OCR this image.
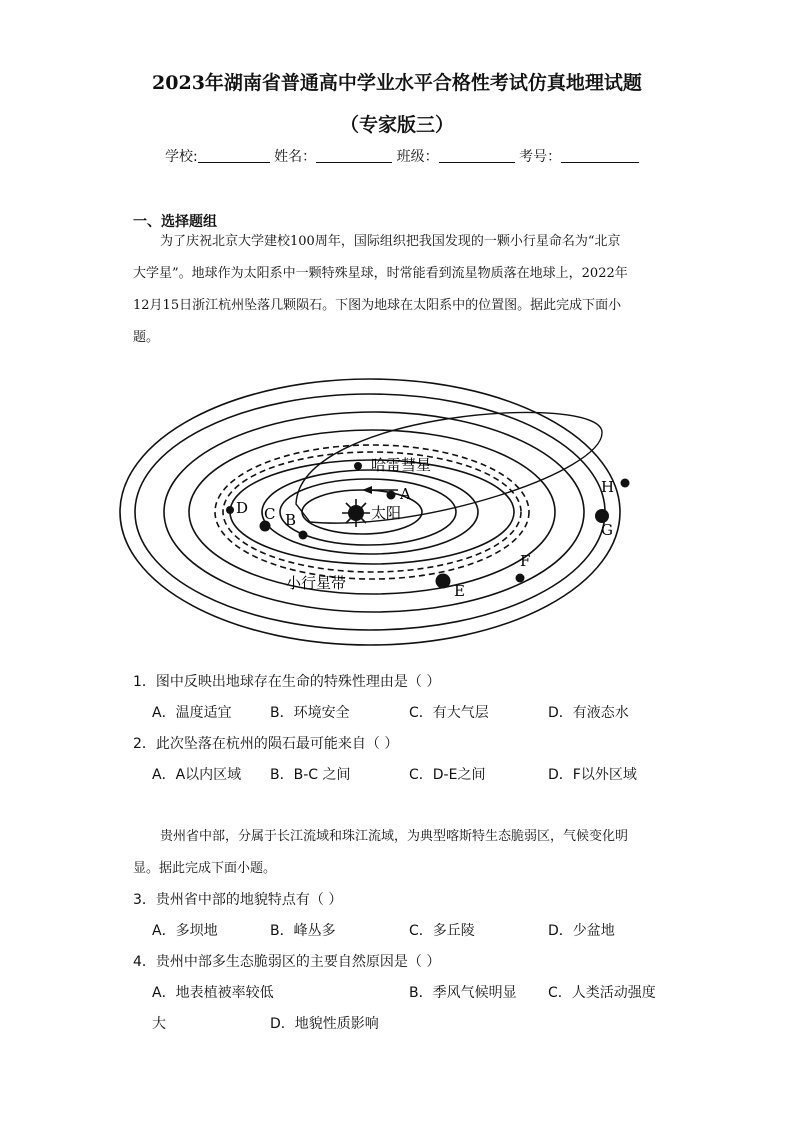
2023年湖南省普通高中学业水平合格性考试仿真地理试题
（专家版三）
学校:	姓名：	班级：	考号：
一、选择题组
为了庆祝北京大学建校100周年，国际组织把我国发现的一颗小行星命名为“北京
大学星”。地球作为太阳系中一颗特殊星球，时常能看到流星物质落在地球上，2022年
12月15日浙江杭州坠落几颗陨石。下图为地球在太阳系中的位置图。据此完成下面小
题。
太阳
A
B
C
D
E
F
G
H
哈雷彗星
小行星带
1．图中反映出地球存在生命的特殊性理由是（ ）
A．温度适宜	B．环境安全	C．有大气层	D．有液态水
2．此次坠落在杭州的陨石最可能来自（ ）
A．A以内区域 B．B-C 之间	C．D-E之间	D．F以外区域
贵州省中部，分属于长江流域和珠江流域，为典型喀斯特生态脆弱区，气候变化明
显。据此完成下面小题。
3．贵州省中部的地貌特点有（ ）
A．多坝地	B．峰丛多	C．多丘陵	D．少盆地
4．贵州中部多生态脆弱区的主要自然原因是（ ）
A．地表植被率较低	B．季风气候明显 C．人类活动强度
大	D．地貌性质影响
